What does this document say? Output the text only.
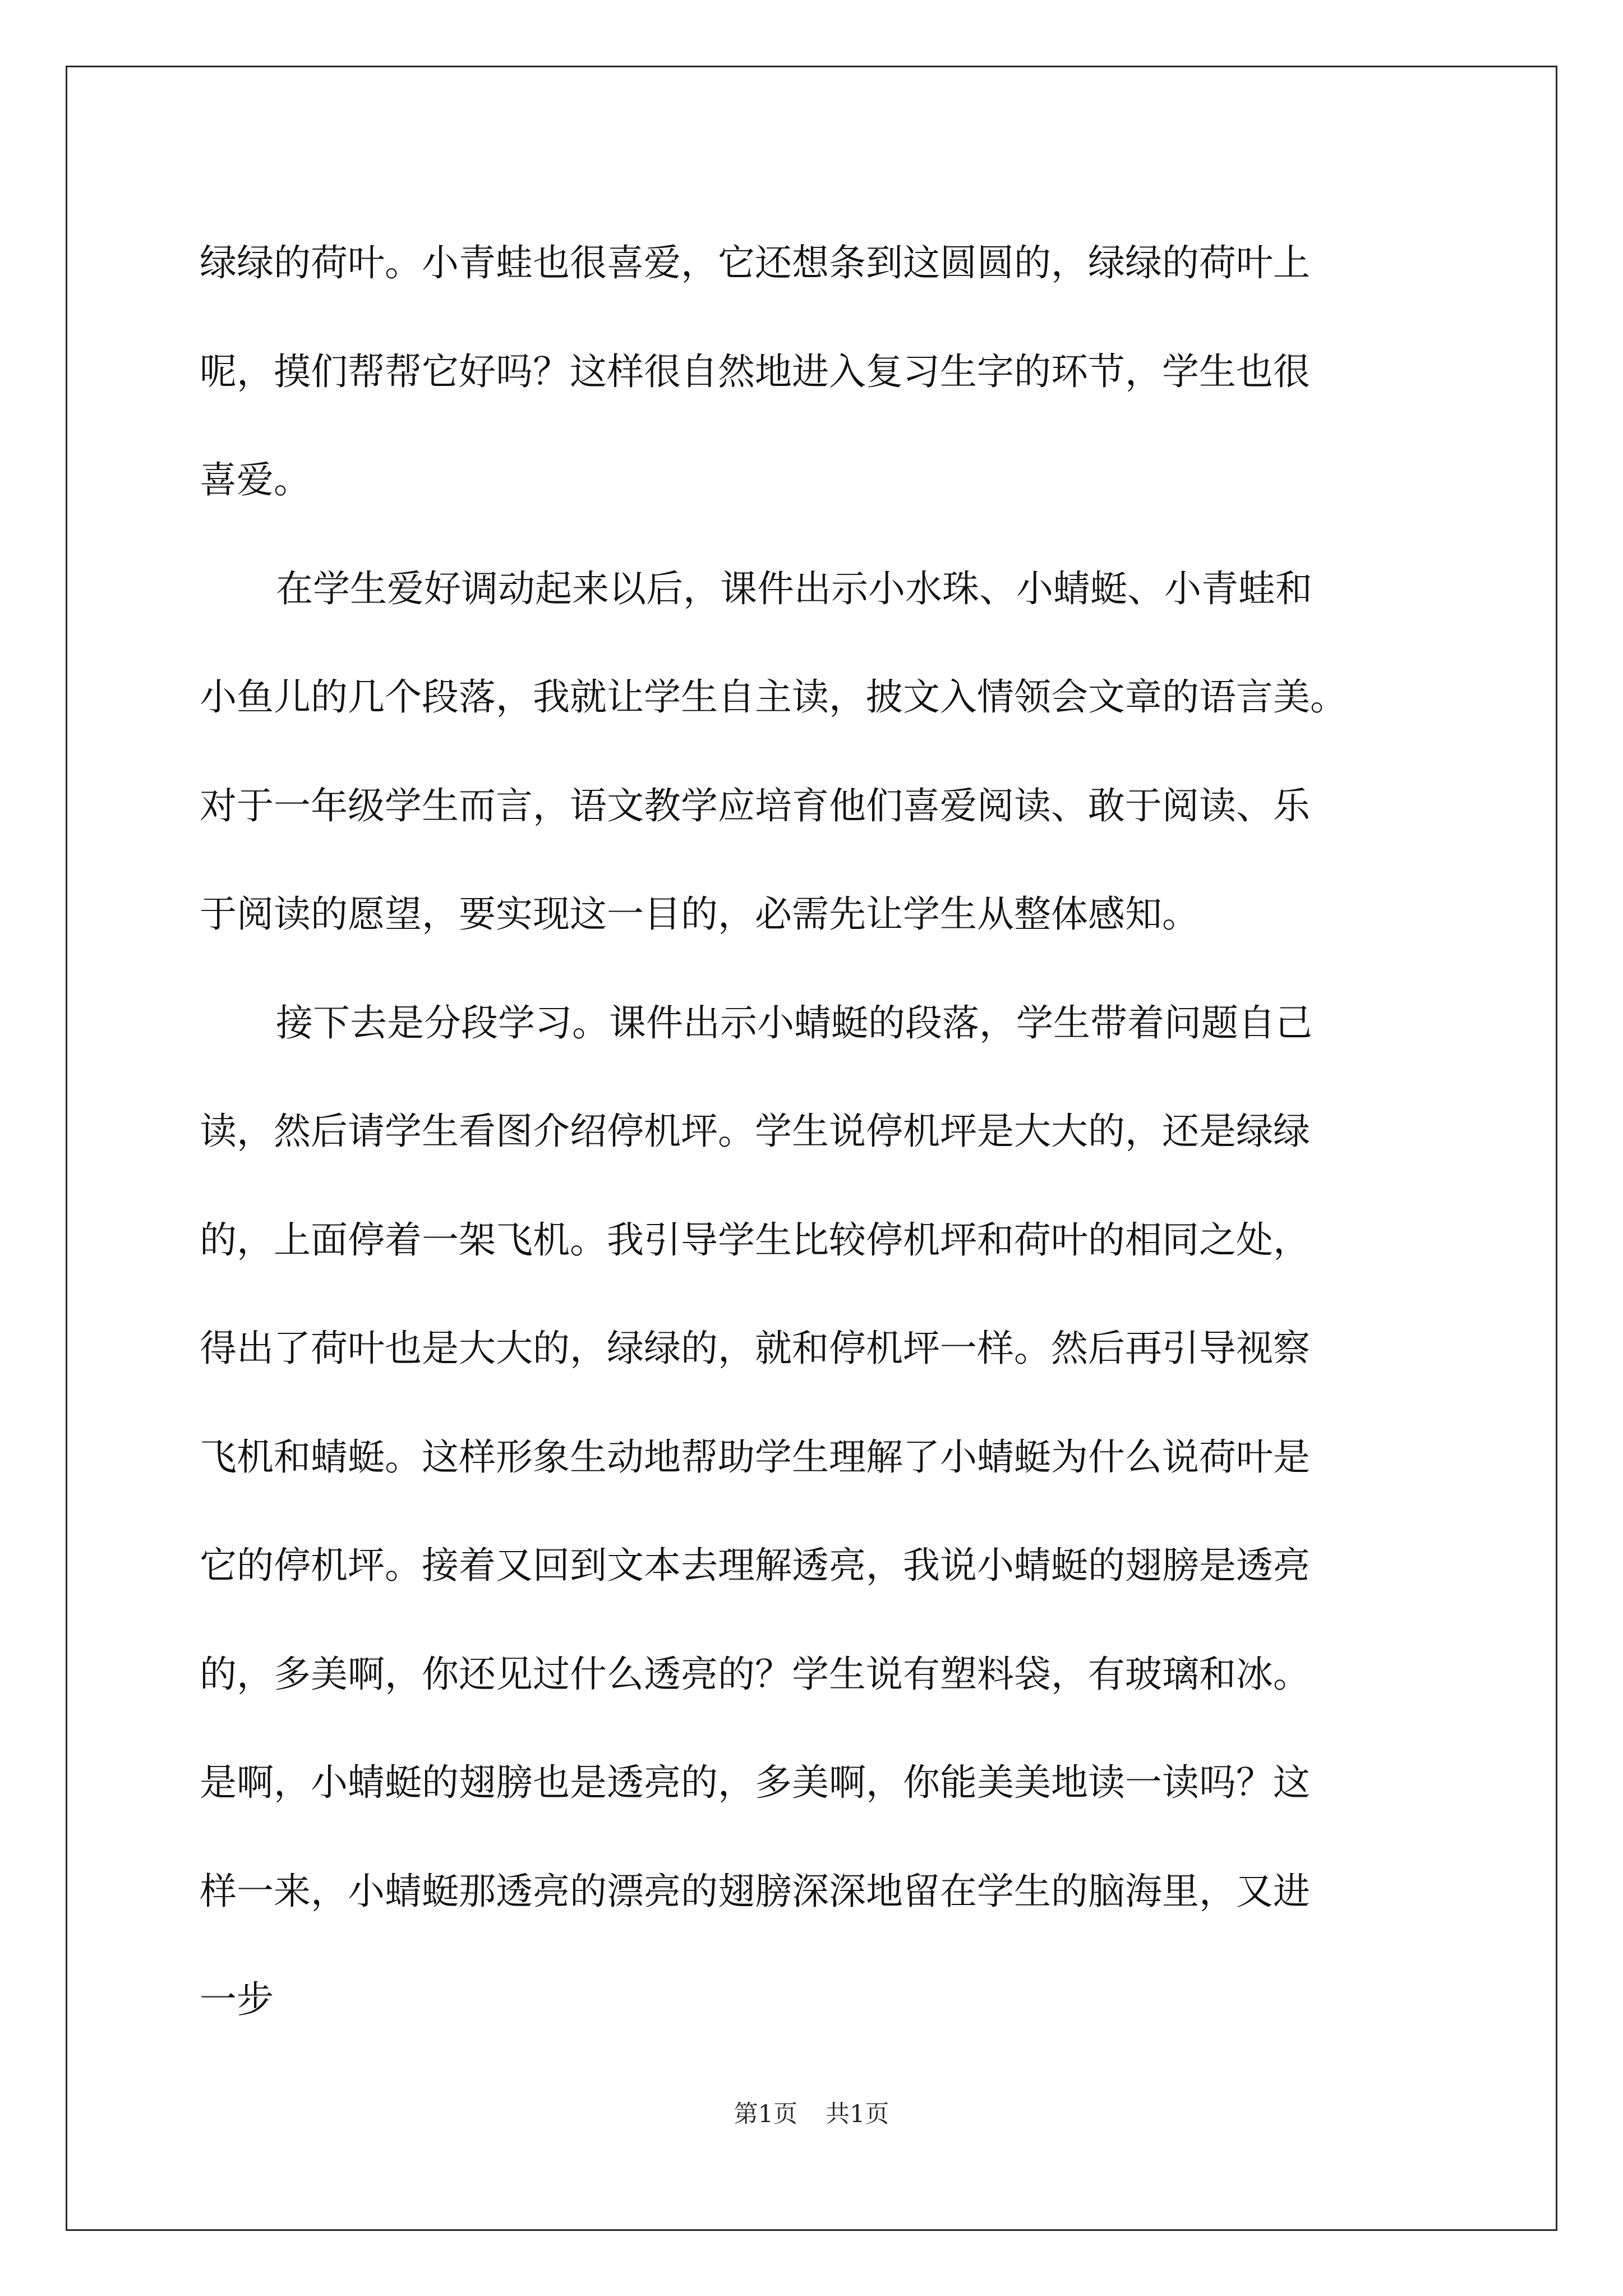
绿绿的荷叶。小青蛙也很喜爱，它还想条到这圆圆的，绿绿的荷叶上
呢，摸们帮帮它好吗？这样很自然地进入复习生字的环节，学生也很
喜爱。
在学生爱好调动起来以后，课件出示小水珠、小蜻蜓、小青蛙和
小鱼儿的几个段落，我就让学生自主读，披文入情领会文章的语言美。
对于一年级学生而言，语文教学应培育他们喜爱阅读、敢于阅读、乐
于阅读的愿望，要实现这一目的，必需先让学生从整体感知。
接下去是分段学习。课件出示小蜻蜓的段落，学生带着问题自己
读，然后请学生看图介绍停机坪。学生说停机坪是大大的，还是绿绿
的，上面停着一架飞机。我引导学生比较停机坪和荷叶的相同之处，
得出了荷叶也是大大的，绿绿的，就和停机坪一样。然后再引导视察
飞机和蜻蜓。这样形象生动地帮助学生理解了小蜻蜓为什么说荷叶是
它的停机坪。接着又回到文本去理解透亮，我说小蜻蜓的翅膀是透亮
的，多美啊，你还见过什么透亮的？学生说有塑料袋，有玻璃和冰。
是啊，小蜻蜓的翅膀也是透亮的，多美啊，你能美美地读一读吗？这
样一来，小蜻蜓那透亮的漂亮的翅膀深深地留在学生的脑海里，又进
一步
第1页 共1页
